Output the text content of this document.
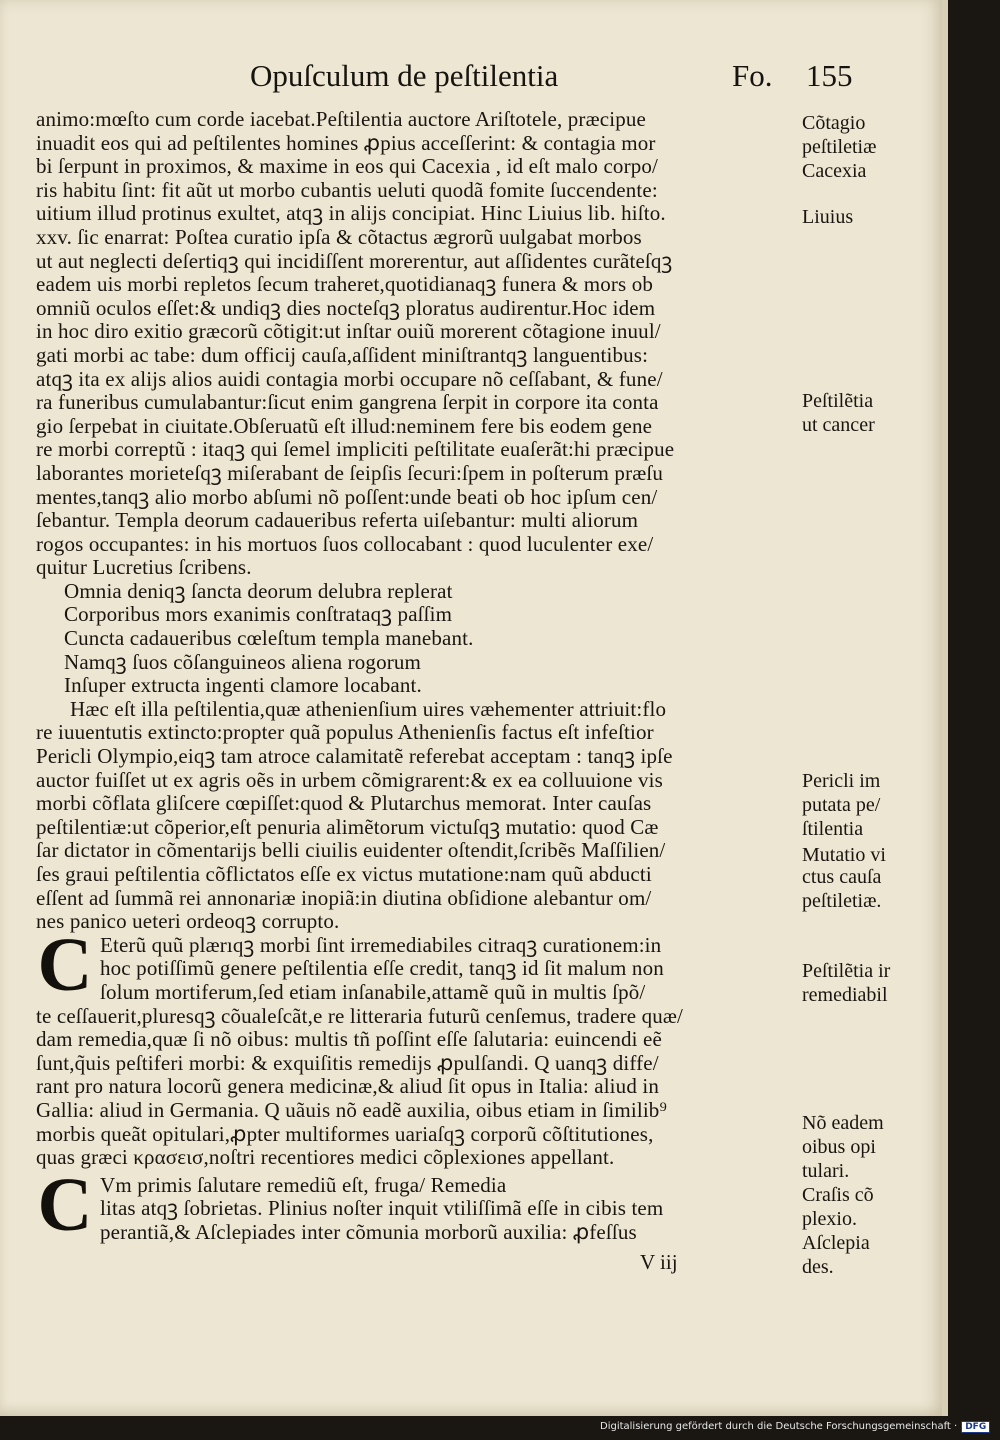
Opuſculum de peſtilentia	Fo. 155
animo:mœſto cum corde iacebat.Peſtilentia auctore Ariſtotele, præcipue
inuadit eos qui ad peſtilentes homines ꝓpius acceſſerint: & contagia mor
bi ſerpunt in proximos, & maxime in eos qui Cacexia , id eſt malo corpo/
ris habitu ſint: fit aũt ut morbo cubantis ueluti quodã fomite ſuccendente:
uitium illud protinus exultet, atqꝫ in alijs concipiat. Hinc Liuius lib. hiſto.
xxv. ſic enarrat: Poſtea curatio ipſa & cõtactus ægrorũ uulgabat morbos
ut aut neglecti deſertiqꝫ qui incidiſſent morerentur, aut aſſidentes curãteſqꝫ
eadem uis morbi repletos ſecum traheret,quotidianaqꝫ funera & mors ob
omniũ oculos eſſet:& undiqꝫ dies nocteſqꝫ ploratus audirentur.Hoc idem
in hoc diro exitio græcorũ cõtigit:ut inſtar ouiũ morerent cõtagione inuul/
gati morbi ac tabe: dum officij cauſa,aſſident miniſtrantqꝫ languentibus:
atqꝫ ita ex alijs alios auidi contagia morbi occupare nõ ceſſabant, & fune/
ra funeribus cumulabantur:ſicut enim gangrena ſerpit in corpore ita conta
gio ſerpebat in ciuitate.Obſeruatũ eſt illud:neminem fere bis eodem gene
re morbi correptũ : itaqꝫ qui ſemel impliciti peſtilitate euaſerãt:hi præcipue
laborantes morieteſqꝫ miſerabant de ſeipſis ſecuri:ſpem in poſterum præſu
mentes,tanqꝫ alio morbo abſumi nõ poſſent:unde beati ob hoc ipſum cen/
ſebantur. Templa deorum cadaueribus referta uiſebantur: multi aliorum
rogos occupantes: in his mortuos ſuos collocabant : quod luculenter exe/
quitur Lucretius ſcribens.
Omnia deniqꝫ ſancta deorum delubra replerat
Corporibus mors exanimis conſtrataqꝫ paſſim
Cuncta cadaueribus cœleſtum templa manebant.
Namqꝫ ſuos cõſanguineos aliena rogorum
Inſuper extructa ingenti clamore locabant.
Hæc eſt illa peſtilentia,quæ athenienſium uires væhementer attriuit:flo
re iuuentutis extincto:propter quã populus Athenienſis factus eſt infeſtior
Pericli Olympio,eiqꝫ tam atroce calamitatẽ referebat acceptam : tanqꝫ ipſe
auctor fuiſſet ut ex agris oẽs in urbem cõmigrarent:& ex ea colluuione vis
morbi cõflata gliſcere cœpiſſet:quod & Plutarchus memorat. Inter cauſas
peſtilentiæ:ut cõperior,eſt penuria alimẽtorum victuſqꝫ mutatio: quod Cæ
ſar dictator in cõmentarijs belli ciuilis euidenter oſtendit,ſcribẽs Maſſilien/
ſes graui peſtilentia cõflictatos eſſe ex victus mutatione:nam quũ abducti
eſſent ad ſummã rei annonariæ inopiã:in diutina obſidione alebantur om/
nes panico ueteri ordeoqꝫ corrupto.
C Eterũ quũ plærıqꝫ morbi ſint irremediabiles citraqꝫ curationem:in
hoc potiſſimũ genere peſtilentia eſſe credit, tanqꝫ id ſit malum non
ſolum mortiferum,ſed etiam inſanabile,attamẽ quũ in multis ſpõ/
te ceſſauerit,pluresqꝫ cõualeſcãt,e re litteraria futurũ cenſemus, tradere quæ/
dam remedia,quæ ſi nõ oibus: multis tñ poſſint eſſe ſalutaria: euincendi eẽ
ſunt,q̃uis peſtiferi morbi: & exquiſitis remedijs ꝓpulſandi. Q uanqꝫ diffe/
rant pro natura locorũ genera medicinæ,& aliud ſit opus in Italia: aliud in
Gallia: aliud in Germania. Q uãuis nõ eadẽ auxilia, oibus etiam in ſimilib⁹
morbis queãt opitulari,ꝓpter multiformes uariaſqꝫ corporũ cõſtitutiones,
quas græci κρασεισ,noſtri recentiores medici cõplexiones appellant.
C Vm primis ſalutare remediũ eſt, fruga/ Remedia
litas atqꝫ ſobrietas. Plinius noſter inquit vtiliſſimã eſſe in cibis tem
perantiã,& Aſclepiades inter cõmunia morborũ auxilia: ꝓfeſſus
V iij
Cõtagio
peſtiletiæ
Cacexia
Liuius
Peſtilẽtia
ut cancer
Pericli im
putata pe/
ſtilentia
Mutatio vi
ctus cauſa
peſtiletiæ.
Peſtilẽtia ir
remediabil
Nõ eadem
oibus opi
tulari.
Craſis cõ
plexio.
Aſclepia
des.
Digitalisierung gefördert durch die Deutsche Forschungsgemeinschaft · DFG
